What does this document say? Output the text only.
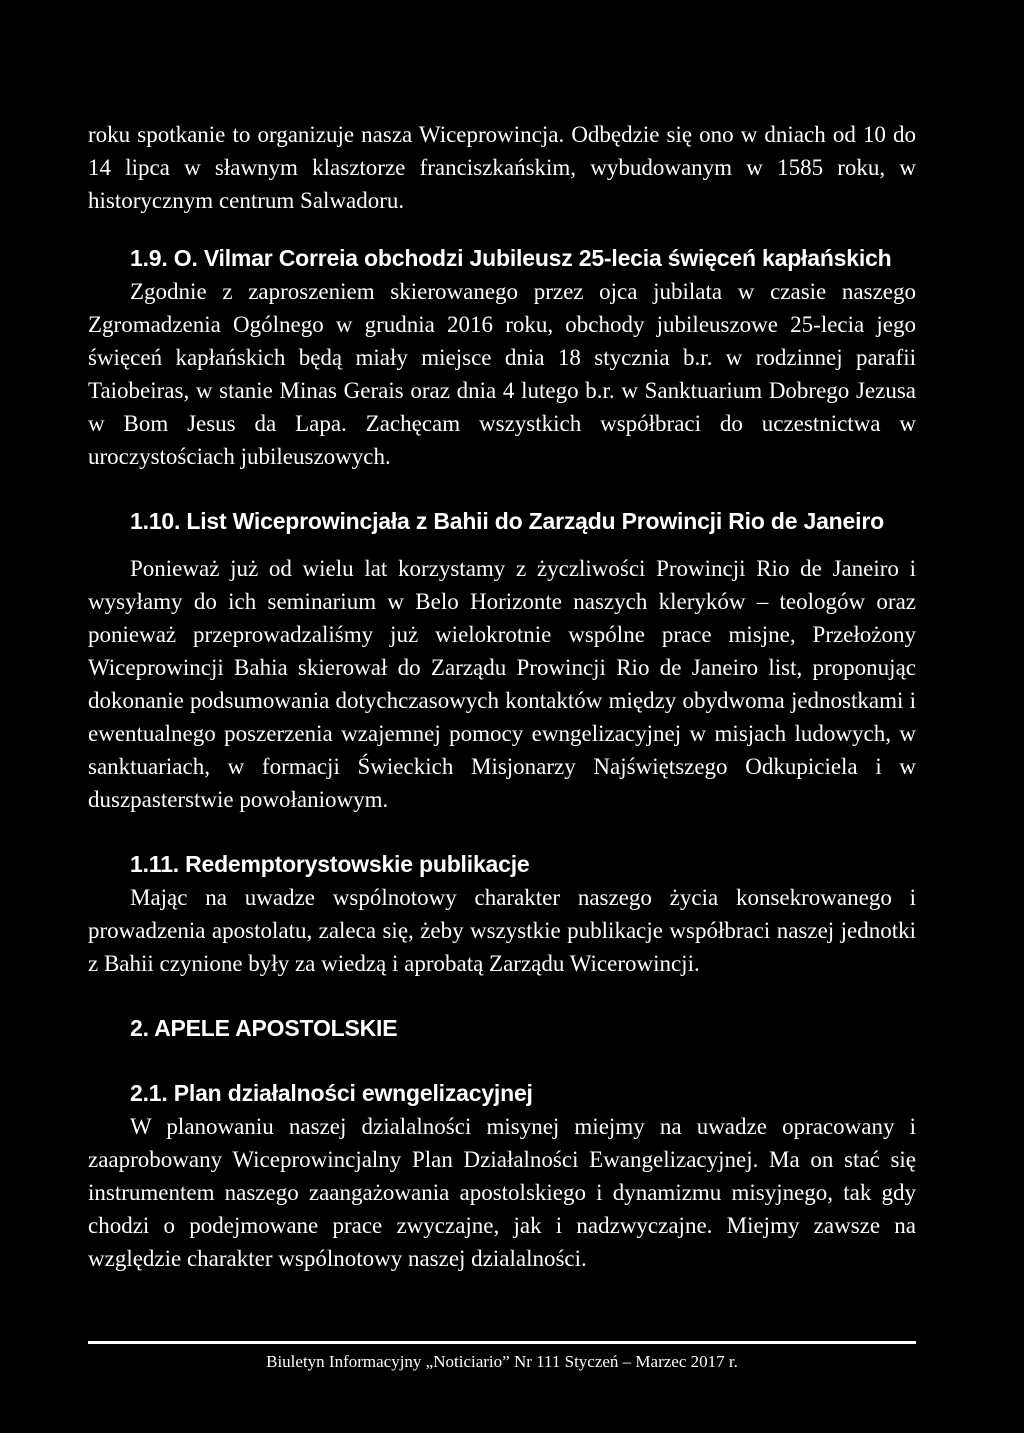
roku spotkanie to organizuje nasza Wiceprowincja. Odbędzie się ono w dniach od 10 do 14 lipca w sławnym klasztorze franciszkańskim, wybudowanym w 1585 roku, w historycznym centrum Salwadoru.

1.9. O. Vilmar Correia obchodzi Jubileusz 25-lecia święceń kapłańskich

Zgodnie z zaproszeniem skierowanego przez ojca jubilata w czasie naszego Zgromadzenia Ogólnego w grudnia 2016 roku, obchody jubileuszowe 25-lecia jego święceń kapłańskich będą miały miejsce dnia 18 stycznia b.r. w rodzinnej parafii Taiobeiras, w stanie Minas Gerais oraz dnia 4 lutego b.r. w Sanktuarium Dobrego Jezusa w Bom Jesus da Lapa. Zachęcam wszystkich współbraci do uczestnictwa w uroczystościach jubileuszowych.

1.10. List Wiceprowincjała z Bahii do Zarządu Prowincji Rio de Janeiro

Ponieważ już od wielu lat korzystamy z życzliwości Prowincji Rio de Janeiro i wysyłamy do ich seminarium w Belo Horizonte naszych kleryków – teologów oraz ponieważ przeprowadzaliśmy już wielokrotnie wspólne prace misjne, Przełożony Wiceprowincji Bahia skierował do Zarządu Prowincji Rio de Janeiro list, proponując dokonanie podsumowania dotychczasowych kontaktów między obydwoma jednostkami i ewentualnego poszerzenia wzajemnej pomocy ewngelizacyjnej w misjach ludowych, w sanktuariach, w formacji Świeckich Misjonarzy Najświętszego Odkupiciela i w duszpasterstwie powołaniowym.

1.11. Redemptorystowskie publikacje

Mając na uwadze wspólnotowy charakter naszego życia konsekrowanego i prowadzenia apostolatu, zaleca się, żeby wszystkie publikacje współbraci naszej jednotki z Bahii czynione były za wiedzą i aprobatą Zarządu Wicerowincji.

2. APELE APOSTOLSKIE
2.1. Plan działalności ewngelizacyjnej

W planowaniu naszej dzialalności misynej miejmy na uwadze opracowany i zaaprobowany Wiceprowincjalny Plan Działalności Ewangelizacyjnej. Ma on stać się instrumentem naszego zaangażowania apostolskiego i dynamizmu misyjnego, tak gdy chodzi o podejmowane prace zwyczajne, jak i nadzwyczajne. Miejmy zawsze na względzie charakter wspólnotowy naszej dzialalności.

Biuletyn Informacyjny „Noticiario” Nr 111 Styczeń – Marzec 2017 r.
